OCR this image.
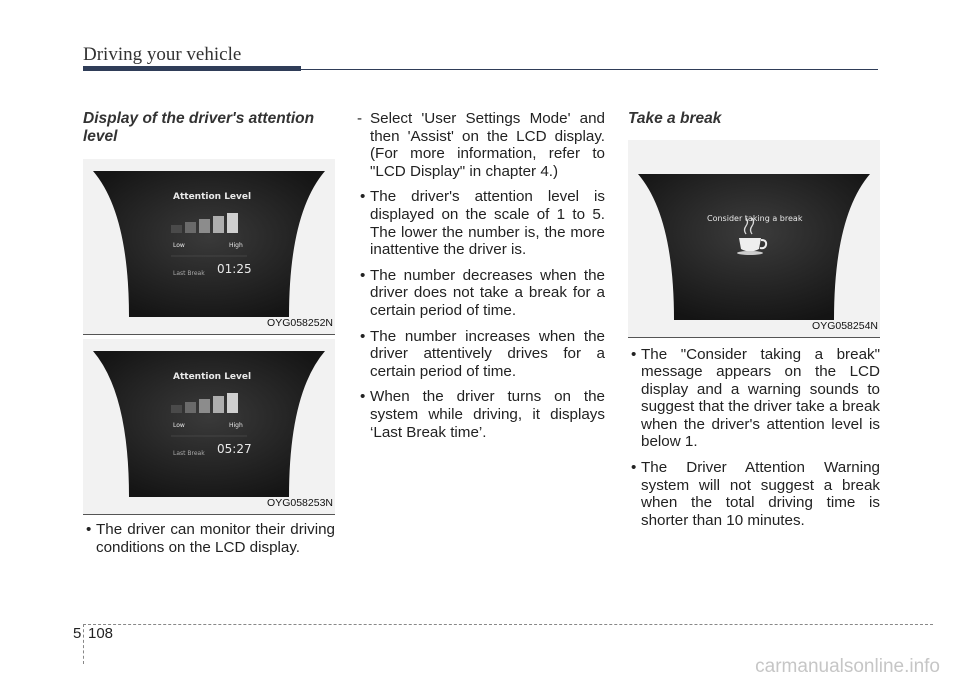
Driving your vehicle
Display of the driver's attention level
Attention Level
Low	High
Last Break 01:25
OYG058252N
Attention Level
Low	High
Last Break 05:27
OYG058253N
• The driver can monitor their driving conditions on the LCD display.
- Select 'User Settings Mode' and then 'Assist' on the LCD display. (For more information, refer to "LCD Display" in chapter 4.)
• The driver's attention level is displayed on the scale of 1 to 5. The lower the number is, the more inattentive the driver is.
• The number decreases when the driver does not take a break for a certain period of time.
• The number increases when the driver attentively drives for a certain period of time.
• When the driver turns on the system while driving, it displays ‘Last Break time’.
Take a break
Consider taking a break
OYG058254N
• The "Consider taking a break" message appears on the LCD display and a warning sounds to suggest that the driver take a break when the driver's attention level is below 1.
• The Driver Attention Warning system will not suggest a break when the total driving time is shorter than 10 minutes.
5 108
carmanualsonline.info
